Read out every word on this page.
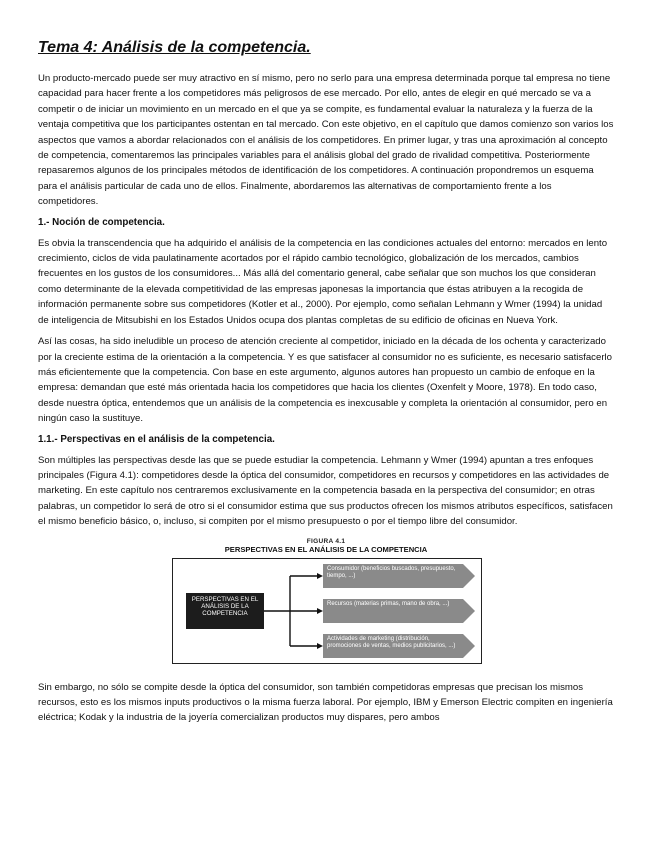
Tema 4: Análisis de la competencia.

Un producto-mercado puede ser muy atractivo en sí mismo, pero no serlo para una empresa determinada porque tal empresa no tiene capacidad para hacer frente a los competidores más peligrosos de ese mercado. Por ello, antes de elegir en qué mercado se va a competir o de iniciar un movimiento en un mercado en el que ya se compite, es fundamental evaluar la naturaleza y la fuerza de la ventaja competitiva que los participantes ostentan en tal mercado. Con este objetivo, en el capítulo que damos comienzo son varios los aspectos que vamos a abordar relacionados con el análisis de los competidores. En primer lugar, y tras una aproximación al concepto de competencia, comentaremos las principales variables para el análisis global del grado de rivalidad competitiva. Posteriormente repasaremos algunos de los principales métodos de identificación de los competidores. A continuación propondremos un esquema para el análisis particular de cada uno de ellos. Finalmente, abordaremos las alternativas de comportamiento frente a los competidores.

1.- Noción de competencia.

Es obvia la transcendencia que ha adquirido el análisis de la competencia en las condiciones actuales del entorno: mercados en lento crecimiento, ciclos de vida paulatinamente acortados por el rápido cambio tecnológico, globalización de los mercados, cambios frecuentes en los gustos de los consumidores... Más allá del comentario general, cabe señalar que son muchos los que consideran como determinante de la elevada competitividad de las empresas japonesas la importancia que éstas atribuyen a la recogida de información permanente sobre sus competidores (Kotler et al., 2000). Por ejemplo, como señalan Lehmann y Wmer (1994) la unidad de inteligencia de Mitsubishi en los Estados Unidos ocupa dos plantas completas de su edificio de oficinas en Nueva York.

Así las cosas, ha sido ineludible un proceso de atención creciente al competidor, iniciado en la década de los ochenta y caracterizado por la creciente estima de la orientación a la competencia. Y es que satisfacer al consumidor no es suficiente, es necesario satisfacerlo más eficientemente que la competencia. Con base en este argumento, algunos autores han propuesto un cambio de enfoque en la empresa: demandan que esté más orientada hacia los competidores que hacia los clientes (Oxenfelt y Moore, 1978). En todo caso, desde nuestra óptica, entendemos que un análisis de la competencia es inexcusable y completa la orientación al consumidor, pero en ningún caso la sustituye.

1.1.- Perspectivas en el análisis de la competencia.

Son múltiples las perspectivas desde las que se puede estudiar la competencia. Lehmann y Wmer (1994) apuntan a tres enfoques principales (Figura 4.1): competidores desde la óptica del consumidor, competidores en recursos y competidores en las actividades de marketing. En este capítulo nos centraremos exclusivamente en la competencia basada en la perspectiva del consumidor; en otras palabras, un competidor lo será de otro si el consumidor estima que sus productos ofrecen los mismos atributos específicos, satisfacen el mismo beneficio básico, o, incluso, si compiten por el mismo presupuesto o por el tiempo libre del consumidor.

FIGURA 4.1
PERSPECTIVAS EN EL ANÁLISIS DE LA COMPETENCIA
PERSPECTIVAS EN EL ANÁLISIS DE LA COMPETENCIA
Consumidor (beneficios buscados, presupuesto, tiempo, ...)
Recursos (materias primas, mano de obra, ...)
Actividades de marketing (distribución, promociones de ventas, medios publicitarios, ...)

Sin embargo, no sólo se compite desde la óptica del consumidor, son también competidoras empresas que precisan los mismos recursos, esto es los mismos inputs productivos o la misma fuerza laboral. Por ejemplo, IBM y Emerson Electric compiten en ingeniería eléctrica; Kodak y la industria de la joyería comercializan productos muy dispares, pero ambos
